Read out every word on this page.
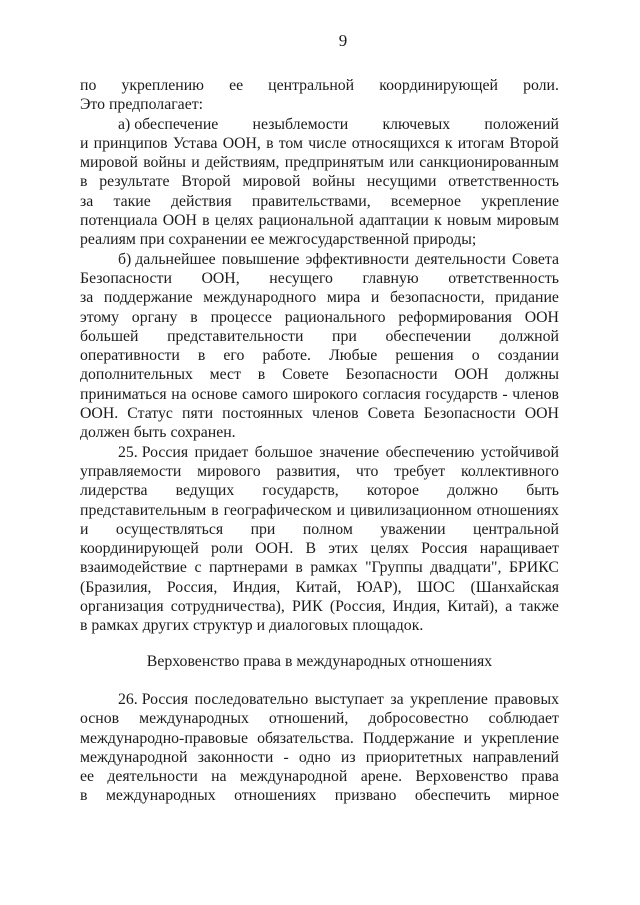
9
по укреплению ее центральной координирующей роли.
Это предполагает:
а) обеспечение незыблемости ключевых положений
и принципов Устава ООН, в том числе относящихся к итогам Второй
мировой войны и действиям, предпринятым или санкционированным
в результате Второй мировой войны несущими ответственность
за такие действия правительствами, всемерное укрепление
потенциала ООН в целях рациональной адаптации к новым мировым
реалиям при сохранении ее межгосударственной природы;
б) дальнейшее повышение эффективности деятельности Совета
Безопасности ООН, несущего главную ответственность
за поддержание международного мира и безопасности, придание
этому органу в процессе рационального реформирования ООН
большей представительности при обеспечении должной
оперативности в его работе. Любые решения о создании
дополнительных мест в Совете Безопасности ООН должны
приниматься на основе самого широкого согласия государств - членов
ООН. Статус пяти постоянных членов Совета Безопасности ООН
должен быть сохранен.
25. Россия придает большое значение обеспечению устойчивой
управляемости мирового развития, что требует коллективного
лидерства ведущих государств, которое должно быть
представительным в географическом и цивилизационном отношениях
и осуществляться при полном уважении центральной
координирующей роли ООН. В этих целях Россия наращивает
взаимодействие с партнерами в рамках "Группы двадцати", БРИКС
(Бразилия, Россия, Индия, Китай, ЮАР), ШОС (Шанхайская
организация сотрудничества), РИК (Россия, Индия, Китай), а также
в рамках других структур и диалоговых площадок.
Верховенство права в международных отношениях
26. Россия последовательно выступает за укрепление правовых
основ международных отношений, добросовестно соблюдает
международно-правовые обязательства. Поддержание и укрепление
международной законности - одно из приоритетных направлений
ее деятельности на международной арене. Верховенство права
в международных отношениях призвано обеспечить мирное
